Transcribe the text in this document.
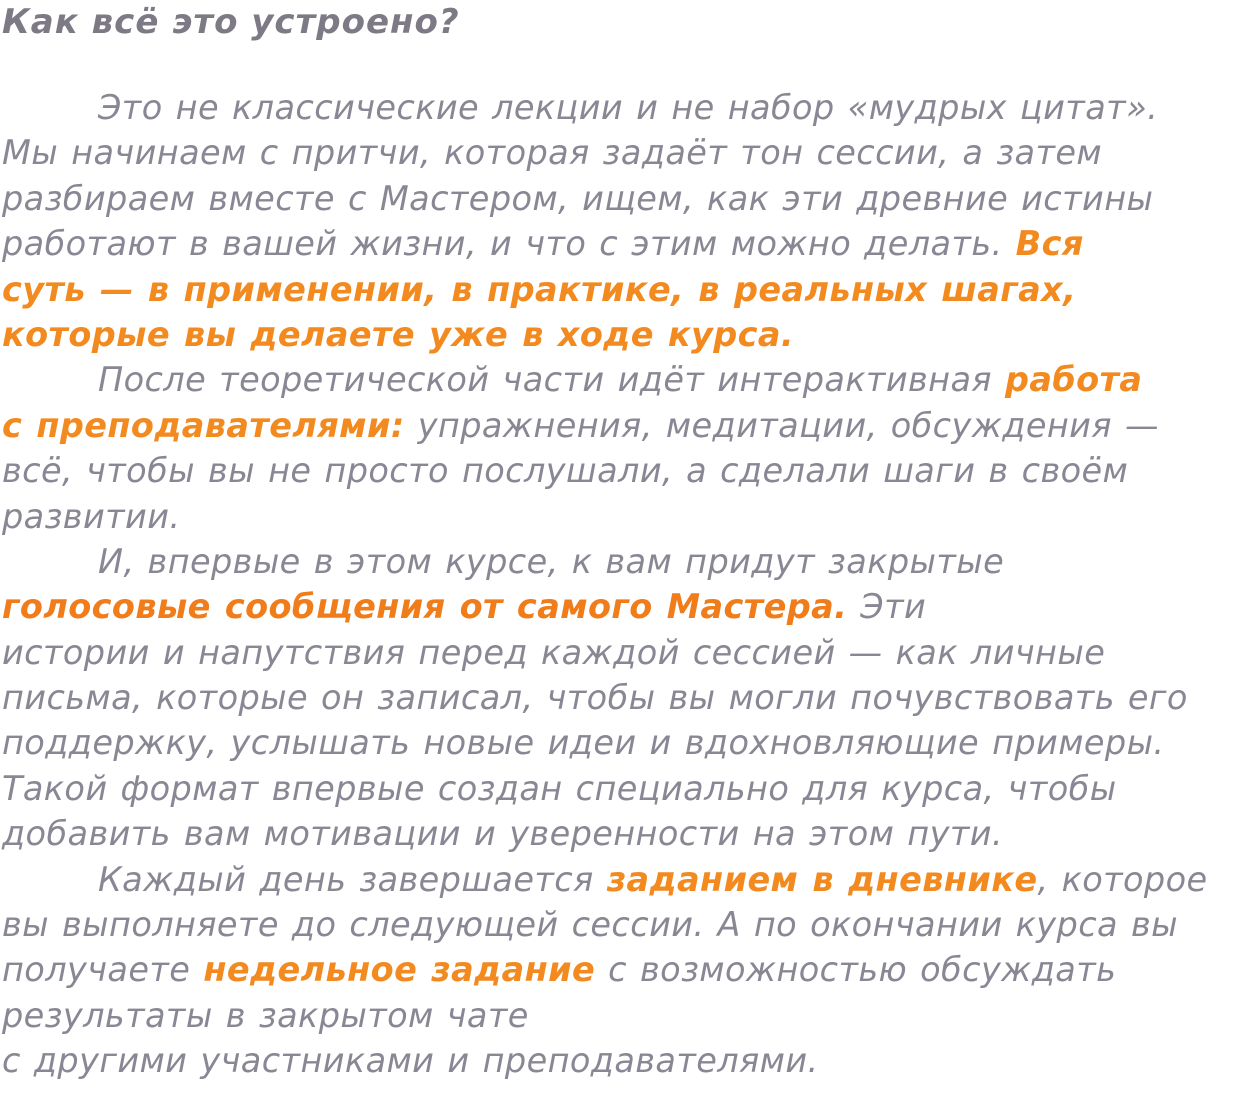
Как всё это устроено?
Это не классические лекции и не набор «мудрых цитат».
Мы начинаем с притчи, которая задаёт тон сессии, а затем
разбираем вместе с Мастером, ищем, как эти древние истины
работают в вашей жизни, и что с этим можно делать. Вся
суть — в применении, в практике, в реальных шагах,
которые вы делаете уже в ходе курса.
После теоретической части идёт интерактивная работа
с преподавателями: упражнения, медитации, обсуждения —
всё, чтобы вы не просто послушали, а сделали шаги в своём
развитии.
И, впервые в этом курсе, к вам придут закрытые
голосовые сообщения от самого Мастера. Эти
истории и напутствия перед каждой сессией — как личные
письма, которые он записал, чтобы вы могли почувствовать его
поддержку, услышать новые идеи и вдохновляющие примеры.
Такой формат впервые создан специально для курса, чтобы
добавить вам мотивации и уверенности на этом пути.
Каждый день завершается заданием в дневнике, которое
вы выполняете до следующей сессии. А по окончании курса вы
получаете недельное задание с возможностью обсуждать
результаты в закрытом чате
с другими участниками и преподавателями.
